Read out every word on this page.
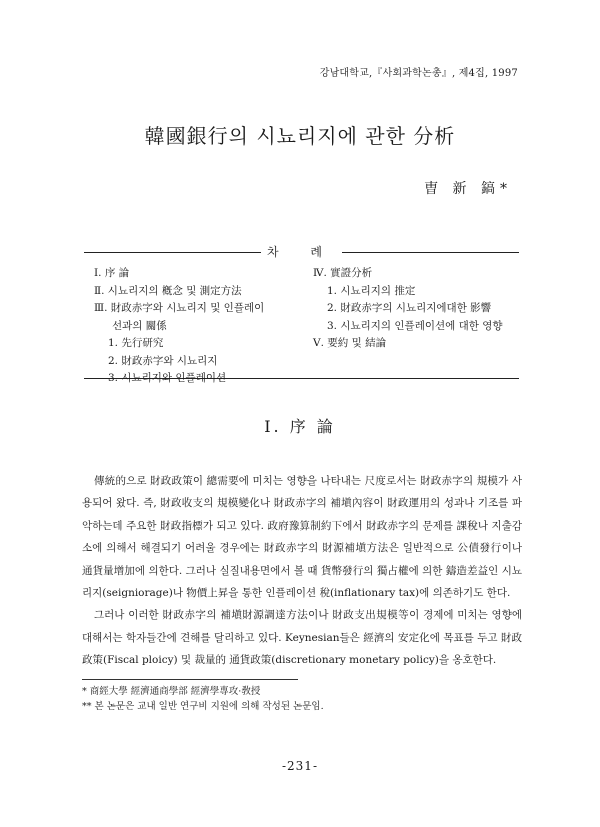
강남대학교,『사회과학논총』, 제4집, 1997
韓國銀行의 시뇨리지에 관한 分析
曺 新 鎬*
차 례
Ⅰ. 序 論
Ⅱ. 시뇨리지의 槪念 및 測定方法
Ⅲ. 財政赤字와 시뇨리지 및 인플레이
선과의 關係
1. 先行研究
2. 財政赤字와 시뇨리지
3. 시뇨리지와 인플레이션
Ⅳ. 實證分析
1. 시뇨리지의 推定
2. 財政赤字의 시뇨리지에대한 影響
3. 시뇨리지의 인플레이션에 대한 영향
Ⅴ. 要約 및 結論
Ⅰ. 序 論

傳統的으로 財政政策이 總需要에 미치는 영향을 나타내는 尺度로서는 財政赤字의 規模가 사용되어 왔다. 즉, 財政收支의 規模變化나 財政赤字의 補塡內容이 財政運用의 성과나 기조를 파악하는데 주요한 財政指標가 되고 있다. 政府豫算制約下에서 財政赤字의 문제를 課稅나 지출감소에 의해서 해결되기 어려울 경우에는 財政赤字의 財源補塡方法은 일반적으로 公債發行이나 通貨量增加에 의한다. 그러나 실질내용면에서 볼 때 貨幣發行의 獨占權에 의한 鑄造差益인 시뇨리지(seigniorage)나 物價上昇을 통한 인플레이션 稅(inflationary tax)에 의존하기도 한다.

그러나 이러한 財政赤字의 補塡財源調達方法이나 財政支出規模等이 경제에 미치는 영향에 대해서는 학자들간에 견해를 달리하고 있다. Keynesian들은 經濟의 安定化에 목표를 두고 財政政策(Fiscal ploicy) 및 裁量的 通貨政策(discretionary monetary policy)을 옹호한다.

* 商經大學 經濟通商學部 經濟學專攻·敎授
** 본 논문은 교내 일반 연구비 지원에 의해 작성된 논문임.
-231-
